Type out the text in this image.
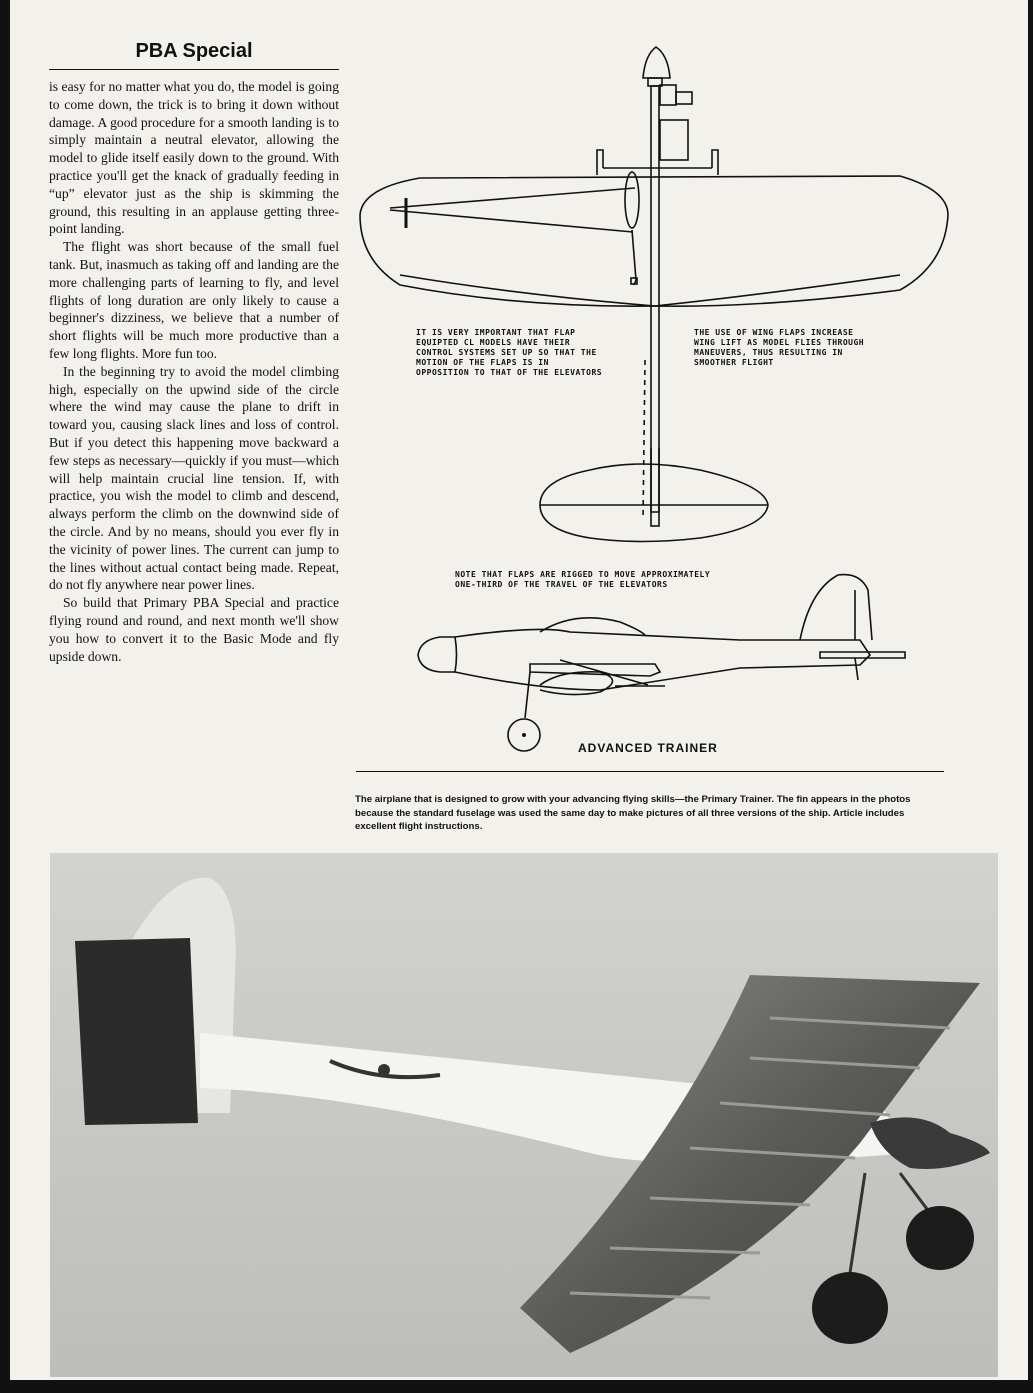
PBA Special

is easy for no matter what you do, the model is going to come down, the trick is to bring it down without damage. A good procedure for a smooth landing is to simply maintain a neutral elevator, allowing the model to glide itself easily down to the ground. With practice you'll get the knack of gradually feeding in “up” elevator just as the ship is skimming the ground, this resulting in an applause getting three-point landing.

The flight was short because of the small fuel tank. But, inasmuch as taking off and landing are the more challenging parts of learning to fly, and level flights of long duration are only likely to cause a beginner's dizziness, we believe that a number of short flights will be much more productive than a few long flights. More fun too.

In the beginning try to avoid the model climbing high, especially on the upwind side of the circle where the wind may cause the plane to drift in toward you, causing slack lines and loss of control. But if you detect this happening move backward a few steps as necessary—quickly if you must—which will help maintain crucial line tension. If, with practice, you wish the model to climb and descend, always perform the climb on the downwind side of the circle. And by no means, should you ever fly in the vicinity of power lines. The current can jump to the lines without actual contact being made. Repeat, do not fly anywhere near power lines.

So build that Primary PBA Special and practice flying round and round, and next month we'll show you how to convert it to the Basic Mode and fly upside down.

IT IS VERY IMPORTANT THAT FLAP EQUIPTED CL MODELS HAVE THEIR CONTROL SYSTEMS SET UP SO THAT THE MOTION OF THE FLAPS IS IN OPPOSITION TO THAT OF THE ELEVATORS

THE USE OF WING FLAPS INCREASE WING LIFT AS MODEL FLIES THROUGH MANEUVERS, THUS RESULTING IN SMOOTHER FLIGHT

NOTE THAT FLAPS ARE RIGGED TO MOVE APPROXIMATELY ONE-THIRD OF THE TRAVEL OF THE ELEVATORS

ADVANCED TRAINER

The airplane that is designed to grow with your advancing flying skills—the Primary Trainer. The fin appears in the photos because the standard fuselage was used the same day to make pictures of all three versions of the ship. Article includes excellent flight instructions.
